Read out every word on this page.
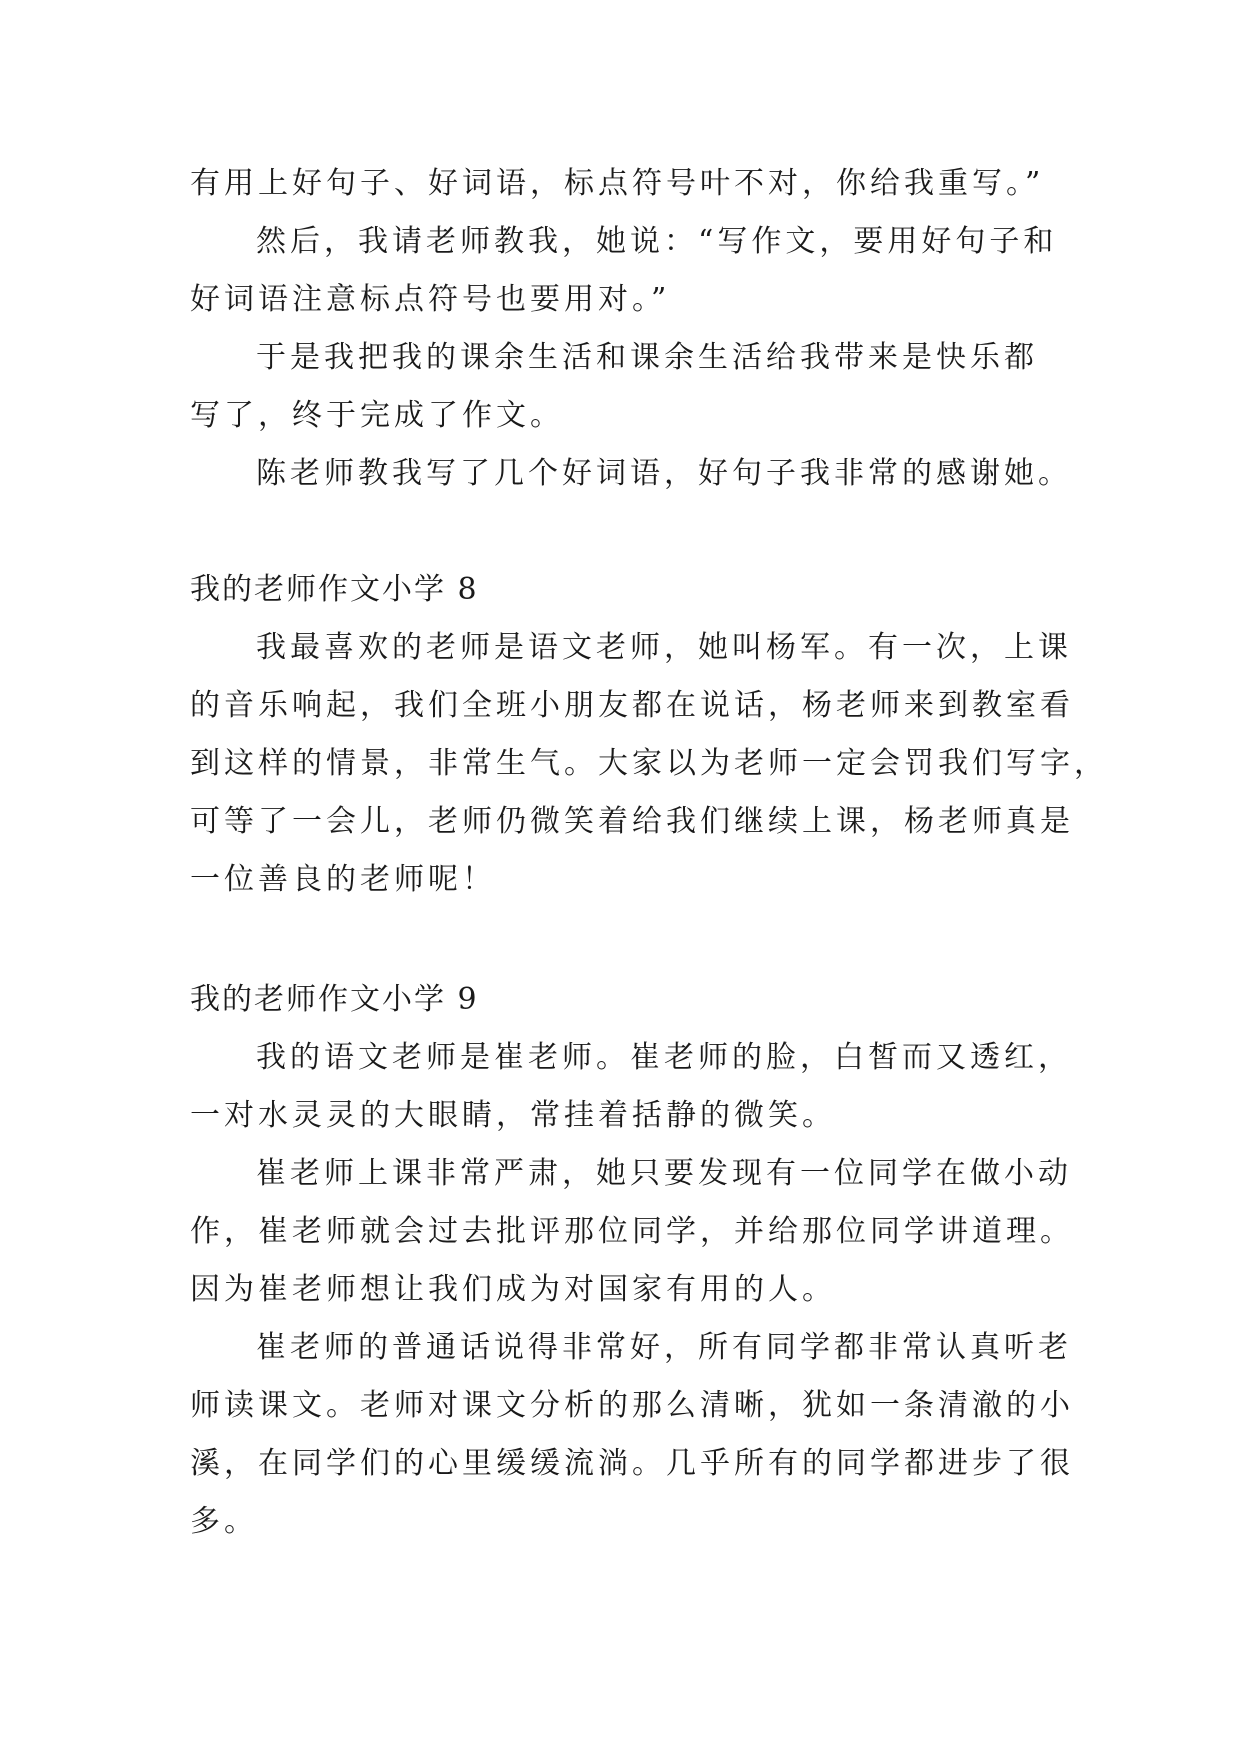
有用上好句子、好词语，标点符号叶不对，你给我重写。”
然后，我请老师教我，她说：“写作文，要用好句子和
好词语注意标点符号也要用对。”
于是我把我的课余生活和课余生活给我带来是快乐都
写了，终于完成了作文。
陈老师教我写了几个好词语，好句子我非常的感谢她。
我的老师作文小学 8
我最喜欢的老师是语文老师，她叫杨军。有一次，上课
的音乐响起，我们全班小朋友都在说话，杨老师来到教室看
到这样的情景，非常生气。大家以为老师一定会罚我们写字，
可等了一会儿，老师仍微笑着给我们继续上课，杨老师真是
一位善良的老师呢！
我的老师作文小学 9
我的语文老师是崔老师。崔老师的脸，白皙而又透红，
一对水灵灵的大眼睛，常挂着括静的微笑。
崔老师上课非常严肃，她只要发现有一位同学在做小动
作，崔老师就会过去批评那位同学，并给那位同学讲道理。
因为崔老师想让我们成为对国家有用的人。
崔老师的普通话说得非常好，所有同学都非常认真听老
师读课文。老师对课文分析的那么清晰，犹如一条清澈的小
溪，在同学们的心里缓缓流淌。几乎所有的同学都进步了很
多。
